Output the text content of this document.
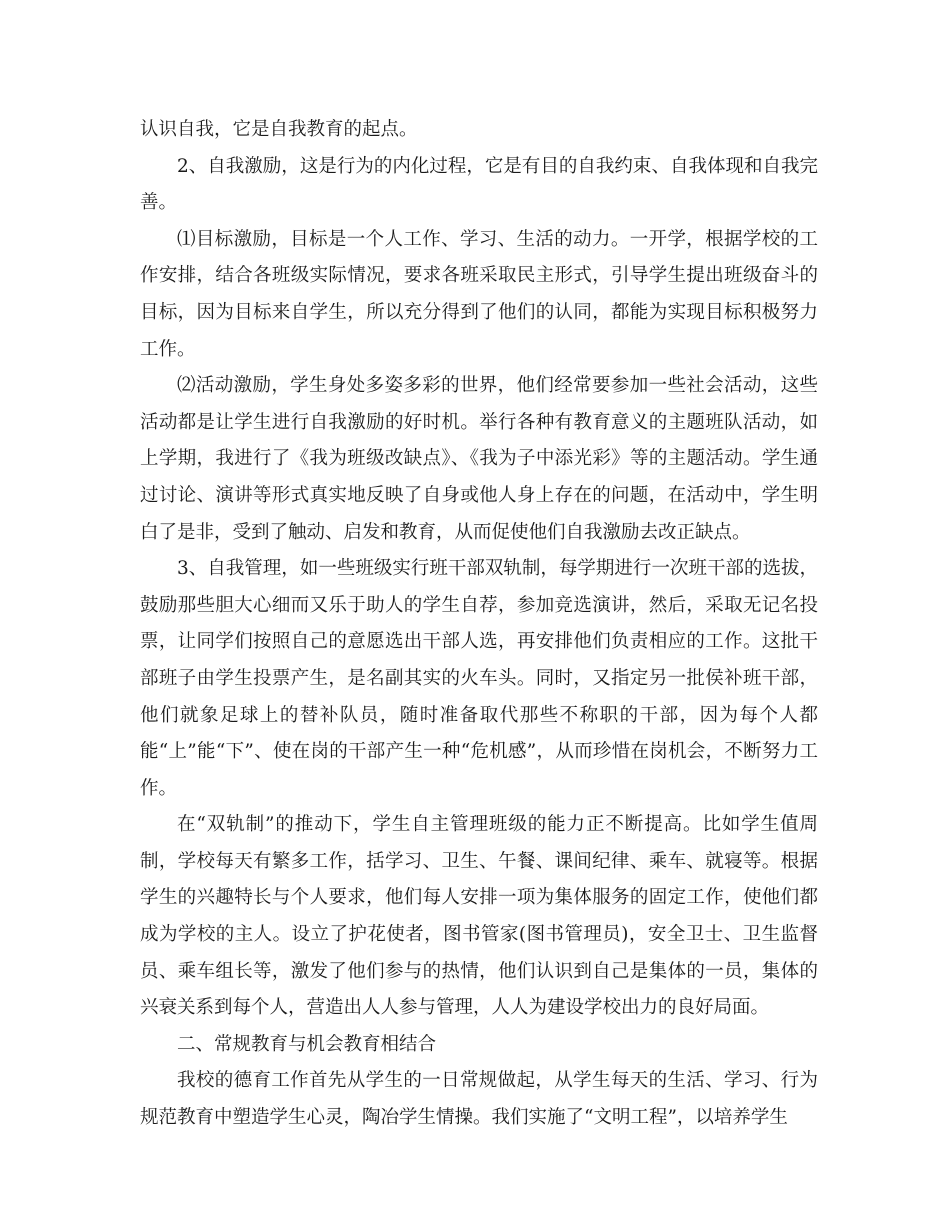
认识自我，它是自我教育的起点。

2、自我激励，这是行为的内化过程，它是有目的自我约束、自我体现和自我完善。

⑴目标激励，目标是一个人工作、学习、生活的动力。一开学，根据学校的工作安排，结合各班级实际情况，要求各班采取民主形式，引导学生提出班级奋斗的目标，因为目标来自学生，所以充分得到了他们的认同，都能为实现目标积极努力工作。

⑵活动激励，学生身处多姿多彩的世界，他们经常要参加一些社会活动，这些活动都是让学生进行自我激励的好时机。举行各种有教育意义的主题班队活动，如上学期，我进行了《我为班级改缺点》、《我为子中添光彩》等的主题活动。学生通过讨论、演讲等形式真实地反映了自身或他人身上存在的问题，在活动中，学生明白了是非，受到了触动、启发和教育，从而促使他们自我激励去改正缺点。

3、自我管理，如一些班级实行班干部双轨制，每学期进行一次班干部的选拔，鼓励那些胆大心细而又乐于助人的学生自荐，参加竞选演讲，然后，采取无记名投票，让同学们按照自己的意愿选出干部人选，再安排他们负责相应的工作。这批干部班子由学生投票产生，是名副其实的火车头。同时，又指定另一批侯补班干部，他们就象足球上的替补队员，随时准备取代那些不称职的干部，因为每个人都能“上”能“下”、使在岗的干部产生一种“危机感”，从而珍惜在岗机会，不断努力工作。

在“双轨制”的推动下，学生自主管理班级的能力正不断提高。比如学生值周制，学校每天有繁多工作，括学习、卫生、午餐、课间纪律、乘车、就寝等。根据学生的兴趣特长与个人要求，他们每人安排一项为集体服务的固定工作，使他们都成为学校的主人。设立了护花使者，图书管家(图书管理员)，安全卫士、卫生监督员、乘车组长等，激发了他们参与的热情，他们认识到自己是集体的一员，集体的兴衰关系到每个人，营造出人人参与管理，人人为建设学校出力的良好局面。

二、常规教育与机会教育相结合

我校的德育工作首先从学生的一日常规做起，从学生每天的生活、学习、行为规范教育中塑造学生心灵，陶冶学生情操。我们实施了“文明工程”，以培养学生
